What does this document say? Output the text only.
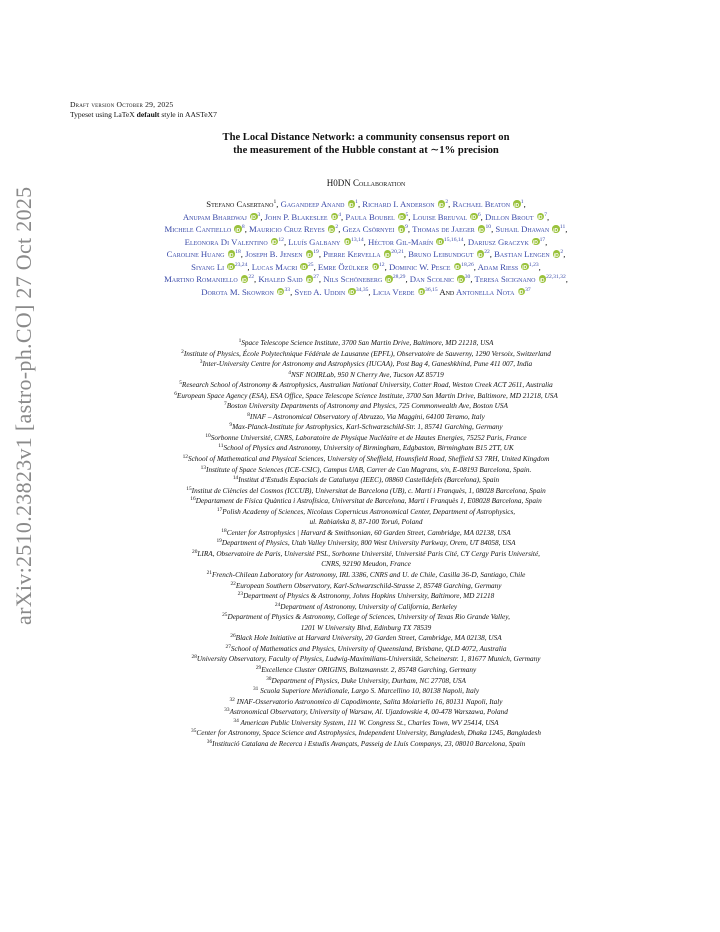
arXiv:2510.23823v1 [astro-ph.CO] 27 Oct 2025
Draft version October 29, 2025
Typeset using LaTeX default style in AASTeX7
The Local Distance Network: a community consensus report on
the measurement of the Hubble constant at ∼1% precision
H0DN Collaboration
Stefano Casertano$^1$, Gagandeep Anand iD $^1$, Richard I. Anderson iD $^2$, Rachael Beaton iD $^1$,
Anupam Bhardwaj iD $^3$, John P. Blakeslee iD $^4$, Paula Boubel iD $^5$, Louise Breuval iD $^6$, Dillon Brout iD $^7$,
Michele Cantiello iD $^8$, Mauricio Cruz Reyes iD $^2$, Geza Csörnyei iD $^9$, Thomas de Jaeger iD $^{10}$, Suhail Dhawan iD $^{11}$,
Eleonora Di Valentino iD $^{12}$, Lluís Galbany iD $^{13,14}$, Héctor Gil-Marín iD $^{15,16,14}$, Dariusz Graczyk iD $^{17}$,
Caroline Huang iD $^{18}$, Joseph B. Jensen iD $^{19}$, Pierre Kervella iD $^{20,21}$, Bruno Leibundgut iD $^{22}$, Bastian Lengen iD $^2$,
Siyang Li iD $^{23,24}$, Lucas Macri iD $^{25}$, Emre Özülker iD $^{12}$, Dominic W. Pesce iD $^{18,26}$, Adam Riess iD $^{1,23}$,
Martino Romaniello iD $^{22}$, Khaled Said iD $^{27}$, Nils Schöneberg iD $^{28,29}$, Dan Scolnic iD $^{30}$, Teresa Sicignano iD $^{22,31,32}$,
Dorota M. Skowron iD $^{33}$, Syed A. Uddin iD $^{34,35}$, Licia Verde iD $^{36,15}$ And Antonella Nota iD $^{37}$
$^1$Space Telescope Science Institute, 3700 San Martin Drive, Baltimore, MD 21218, USA
$^2$Institute of Physics, École Polytechnique Fédérale de Lausanne (EPFL), Observatoire de Sauverny, 1290 Versoix, Switzerland
$^3$Inter-University Centre for Astronomy and Astrophysics (IUCAA), Post Bag 4, Ganeshkhind, Pune 411 007, India
$^4$NSF NOIRLab, 950 N Cherry Ave, Tucson AZ 85719
$^5$Research School of Astronomy & Astrophysics, Australian National University, Cotter Road, Weston Creek ACT 2611, Australia
$^6$European Space Agency (ESA), ESA Office, Space Telescope Science Institute, 3700 San Martin Drive, Baltimore, MD 21218, USA
$^7$Boston University Departments of Astronomy and Physics, 725 Commonwealth Ave, Boston USA
$^8$INAF – Astronomical Observatory of Abruzzo, Via Maggini, 64100 Teramo, Italy
$^9$Max-Planck-Institute for Astrophysics, Karl-Schwarzschild-Str. 1, 85741 Garching, Germany
$^{10}$Sorbonne Université, CNRS, Laboratoire de Physique Nucléaire et de Hautes Energies, 75252 Paris, France
$^{11}$School of Physics and Astronomy, University of Birmingham, Edgbaston, Birmingham B15 2TT, UK
$^{12}$School of Mathematical and Physical Sciences, University of Sheffield, Hounsfield Road, Sheffield S3 7RH, United Kingdom
$^{13}$Institute of Space Sciences (ICE-CSIC), Campus UAB, Carrer de Can Magrans, s/n, E-08193 Barcelona, Spain.
$^{14}$Institut d’Estudis Espacials de Catalunya (IEEC), 08860 Castelldefels (Barcelona), Spain
$^{15}$Institut de Ciències del Cosmos (ICCUB), Universitat de Barcelona (UB), c. Martí i Franquès, 1, 08028 Barcelona, Spain
$^{16}$Departament de Física Quàntica i Astrofísica, Universitat de Barcelona, Martí i Franquès 1, E08028 Barcelona, Spain
$^{17}$Polish Academy of Sciences, Nicolaus Copernicus Astronomical Center, Department of Astrophysics,
ul. Rabiańska 8, 87-100 Toruń, Poland
$^{18}$Center for Astrophysics | Harvard & Smithsonian, 60 Garden Street, Cambridge, MA 02138, USA
$^{19}$Department of Physics, Utah Valley University, 800 West University Parkway, Orem, UT 84058, USA
$^{20}$LIRA, Observatoire de Paris, Université PSL, Sorbonne Université, Université Paris Cité, CY Cergy Paris Université,
CNRS, 92190 Meudon, France
$^{21}$French-Chilean Laboratory for Astronomy, IRL 3386, CNRS and U. de Chile, Casilla 36-D, Santiago, Chile
$^{22}$European Southern Observatory, Karl-Schwarzschild-Strasse 2, 85748 Garching, Germany
$^{23}$Department of Physics & Astronomy, Johns Hopkins University, Baltimore, MD 21218
$^{24}$Department of Astronomy, University of California, Berkeley
$^{25}$Department of Physics & Astronomy, College of Sciences, University of Texas Rio Grande Valley,
1201 W University Blvd, Edinburg TX 78539
$^{26}$Black Hole Initiative at Harvard University, 20 Garden Street, Cambridge, MA 02138, USA
$^{27}$School of Mathematics and Physics, University of Queensland, Brisbane, QLD 4072, Australia
$^{28}$University Observatory, Faculty of Physics, Ludwig-Maximilians-Universität, Scheinerstr. 1, 81677 Munich, Germany
$^{29}$Excellence Cluster ORIGINS, Boltzmannstr. 2, 85748 Garching, Germany
$^{30}$Department of Physics, Duke University, Durham, NC 27708, USA
$^{31}$ Scuola Superiore Meridionale, Largo S. Marcellino 10, 80138 Napoli, Italy
$^{32}$ INAF-Osservatorio Astronomico di Capodimonte, Salita Moiariello 16, 80131 Napoli, Italy
$^{33}$Astronomical Observatory, University of Warsaw, Al. Ujazdowskie 4, 00-478 Warszawa, Poland
$^{34}$ American Public University System, 111 W. Congress St., Charles Town, WV 25414, USA
$^{35}$Center for Astronomy, Space Science and Astrophysics, Independent University, Bangladesh, Dhaka 1245, Bangladesh
$^{36}$Institució Catalana de Recerca i Estudis Avançats, Passeig de Lluís Companys, 23, 08010 Barcelona, Spain
